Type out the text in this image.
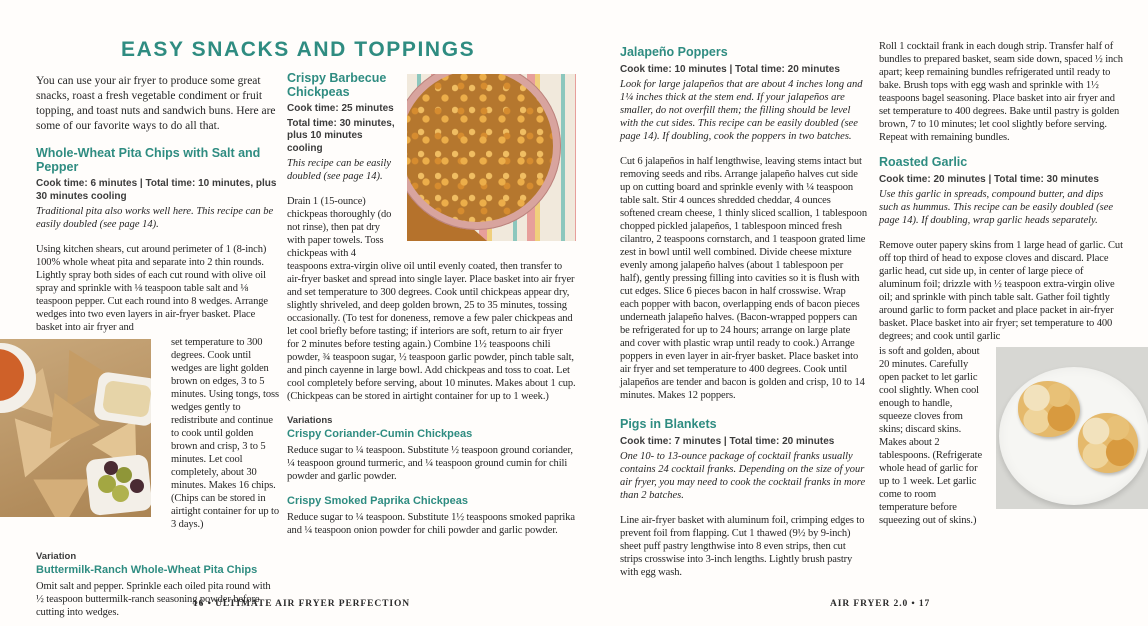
EASY SNACKS AND TOPPINGS

You can use your air fryer to produce some great snacks, roast a fresh vegetable condiment or fruit topping, and toast nuts and sandwich buns. Here are some of our favorite ways to do all that.

Whole-Wheat Pita Chips with Salt and Pepper
Cook time: 6 minutes | Total time: 10 minutes, plus 30 minutes cooling

Traditional pita also works well here. This recipe can be easily doubled (see page 14).

Using kitchen shears, cut around perimeter of 1 (8-inch) 100% whole wheat pita and separate into 2 thin rounds. Lightly spray both sides of each cut round with olive oil spray and sprinkle with ⅛ teaspoon table salt and ⅛ teaspoon pepper. Cut each round into 8 wedges. Arrange wedges into two even layers in air-fryer basket. Place basket into air fryer and

set temperature to 300 degrees. Cook until wedges are light golden brown on edges, 3 to 5 minutes. Using tongs, toss wedges gently to redistribute and continue to cook until golden brown and crisp, 3 to 5 minutes. Let cool completely, about 30 minutes. Makes 16 chips. (Chips can be stored in airtight container for up to 3 days.)

Variation
Buttermilk-Ranch Whole-Wheat Pita Chips

Omit salt and pepper. Sprinkle each oiled pita round with ½ teaspoon buttermilk-ranch seasoning powder before cutting into wedges.

Crispy Barbecue Chickpeas
Cook time: 25 minutes
Total time: 30 minutes, plus 10 minutes cooling

This recipe can be easily doubled (see page 14).

Drain 1 (15-ounce) chickpeas thoroughly (do not rinse), then pat dry with paper towels. Toss chickpeas with 4 teaspoons extra-virgin olive oil until evenly coated, then transfer to air-fryer basket and spread into single layer. Place basket into air fryer and set temperature to 300 degrees. Cook until chickpeas appear dry, slightly shriveled, and deep golden brown, 25 to 35 minutes, tossing occasionally. (To test for doneness, remove a few paler chickpeas and let cool briefly before tasting; if interiors are soft, return to air fryer for 2 minutes before testing again.) Combine 1½ teaspoons chili powder, ¾ teaspoon sugar, ½ teaspoon garlic powder, pinch table salt, and pinch cayenne in large bowl. Add chickpeas and toss to coat. Let cool completely before serving, about 10 minutes. Makes about 1 cup. (Chickpeas can be stored in airtight container for up to 1 week.)

Variations
Crispy Coriander-Cumin Chickpeas

Reduce sugar to ¼ teaspoon. Substitute ½ teaspoon ground coriander, ¼ teaspoon ground turmeric, and ¼ teaspoon ground cumin for chili powder and garlic powder.

Crispy Smoked Paprika Chickpeas

Reduce sugar to ¼ teaspoon. Substitute 1½ teaspoons smoked paprika and ¼ teaspoon onion powder for chili powder and garlic powder.

Jalapeño Poppers
Cook time: 10 minutes | Total time: 20 minutes

Look for large jalapeños that are about 4 inches long and 1¼ inches thick at the stem end. If your jalapeños are smaller, do not overfill them; the filling should be level with the cut sides. This recipe can be easily doubled (see page 14). If doubling, cook the poppers in two batches.

Cut 6 jalapeños in half lengthwise, leaving stems intact but removing seeds and ribs. Arrange jalapeño halves cut side up on cutting board and sprinkle evenly with ¼ teaspoon table salt. Stir 4 ounces shredded cheddar, 4 ounces softened cream cheese, 1 thinly sliced scallion, 1 tablespoon chopped pickled jalapeños, 1 tablespoon minced fresh cilantro, 2 teaspoons cornstarch, and 1 teaspoon grated lime zest in bowl until well combined. Divide cheese mixture evenly among jalapeño halves (about 1 tablespoon per half), gently pressing filling into cavities so it is flush with cut edges. Slice 6 pieces bacon in half crosswise. Wrap each popper with bacon, overlapping ends of bacon pieces underneath jalapeño halves. (Bacon-wrapped poppers can be refrigerated for up to 24 hours; arrange on large plate and cover with plastic wrap until ready to cook.) Arrange poppers in even layer in air-fryer basket. Place basket into air fryer and set temperature to 400 degrees. Cook until jalapeños are tender and bacon is golden and crisp, 10 to 14 minutes. Makes 12 poppers.

Pigs in Blankets
Cook time: 7 minutes | Total time: 20 minutes

One 10- to 13-ounce package of cocktail franks usually contains 24 cocktail franks. Depending on the size of your air fryer, you may need to cook the cocktail franks in more than 2 batches.

Line air-fryer basket with aluminum foil, crimping edges to prevent foil from flapping. Cut 1 thawed (9½ by 9-inch) sheet puff pastry lengthwise into 8 even strips, then cut strips crosswise into 3-inch lengths. Lightly brush pastry with egg wash.

Roll 1 cocktail frank in each dough strip. Transfer half of bundles to prepared basket, seam side down, spaced ½ inch apart; keep remaining bundles refrigerated until ready to bake. Brush tops with egg wash and sprinkle with 1½ teaspoons bagel seasoning. Place basket into air fryer and set temperature to 400 degrees. Bake until pastry is golden brown, 7 to 10 minutes; let cool slightly before serving. Repeat with remaining bundles.

Roasted Garlic
Cook time: 20 minutes | Total time: 30 minutes

Use this garlic in spreads, compound butter, and dips such as hummus. This recipe can be easily doubled (see page 14). If doubling, wrap garlic heads separately.

Remove outer papery skins from 1 large head of garlic. Cut off top third of head to expose cloves and discard. Place garlic head, cut side up, in center of large piece of aluminum foil; drizzle with ½ teaspoon extra-virgin olive oil; and sprinkle with pinch table salt. Gather foil tightly around garlic to form packet and place packet in air-fryer basket. Place basket into air fryer; set temperature to 400 degrees; and cook until garlic

is soft and golden, about 20 minutes. Carefully open packet to let garlic cool slightly. When cool enough to handle, squeeze cloves from skins; discard skins. Makes about 2 tablespoons. (Refrigerate whole head of garlic for up to 1 week. Let garlic come to room temperature before squeezing out of skins.)

16 • ULTIMATE AIR FRYER PERFECTION	AIR FRYER 2.0 • 17
